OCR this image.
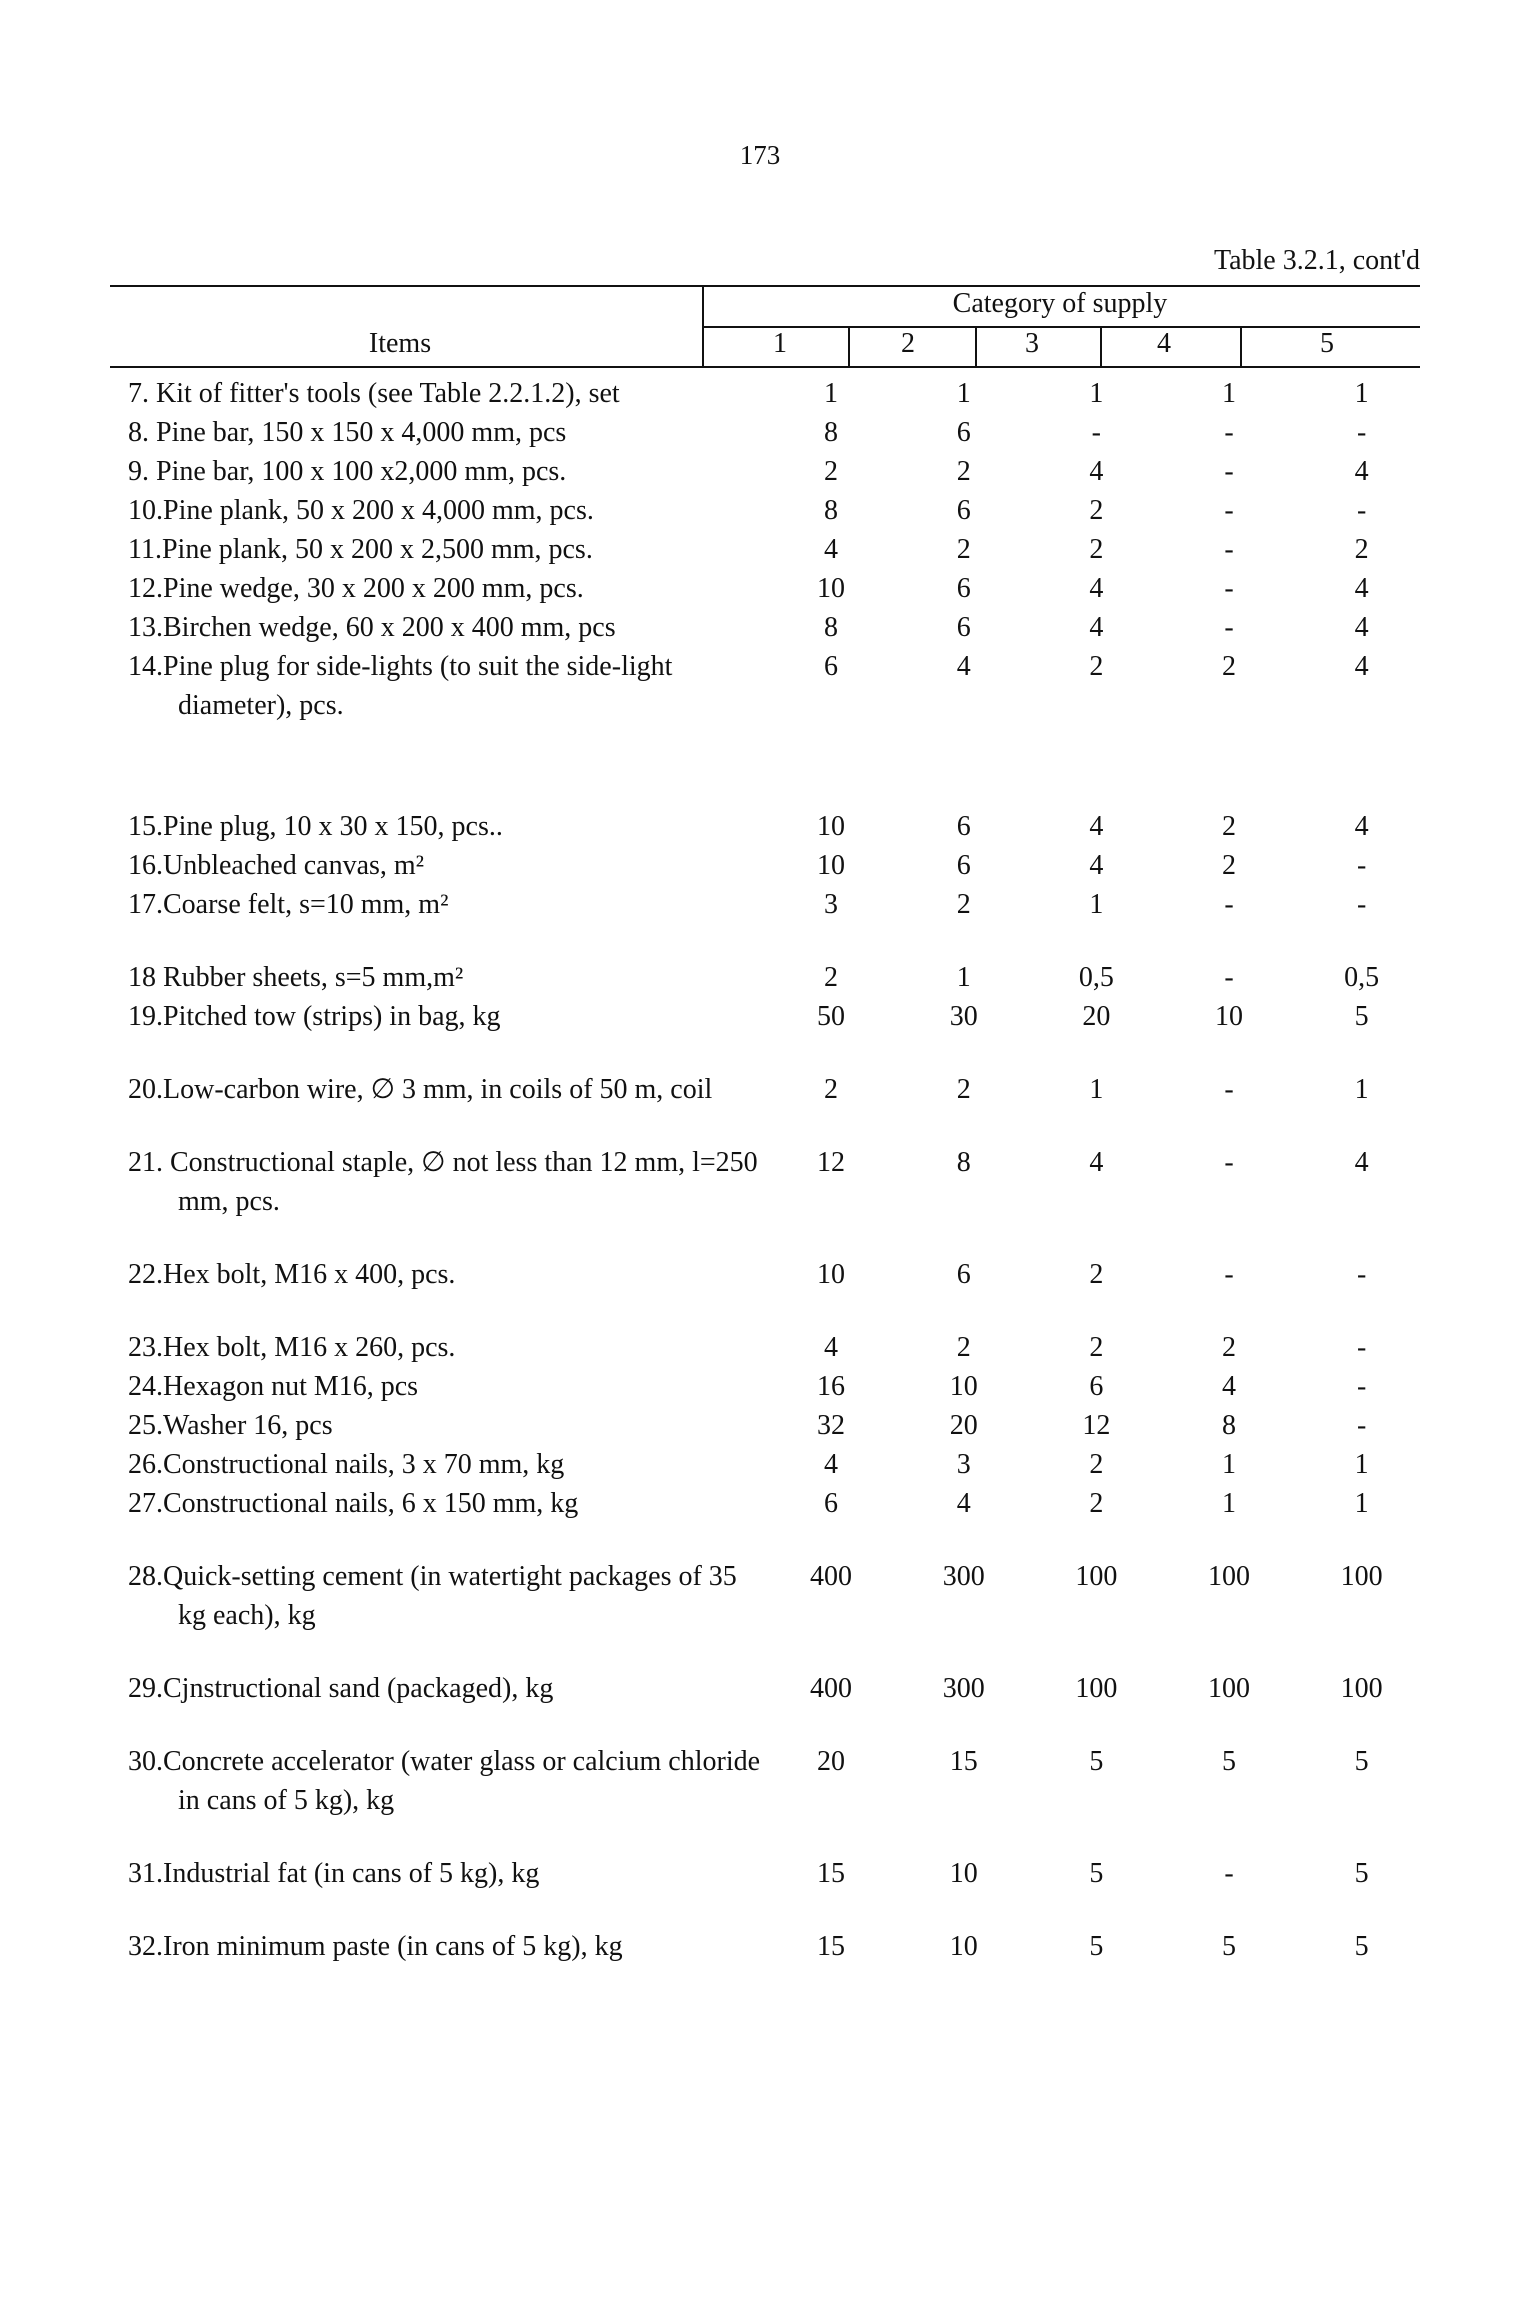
173
Table 3.2.1, cont'd
Items
Category of supply
1	2	3	4	5
7. Kit of fitter's tools (see Table 2.2.1.2), set	1	1	1	1	1

8. Pine bar, 150 x 150 x 4,000 mm, pcs	8	6	-	-	-

9. Pine bar, 100 x 100 x2,000 mm, pcs.	2	2	4	-	4

10.Pine plank, 50 x 200 x 4,000 mm, pcs.	8	6	2	-	-

11.Pine plank, 50 x 200 x 2,500 mm, pcs.	4	2	2	-	2

12.Pine wedge, 30 x 200 x 200 mm, pcs.	10	6	4	-	4

13.Birchen wedge, 60 x 200 x 400 mm, pcs	8	6	4	-	4

14.Pine plug for side-lights (to suit the side-light diameter), pcs.	6	4	2	2	4

15.Pine plug, 10 x 30 x 150, pcs..	10	6	4	2	4

16.Unbleached canvas, m²	10	6	4	2	-

17.Coarse felt, s=10 mm, m²	3	2	1	-	-

18 Rubber sheets, s=5 mm,m²	2	1	0,5	-	0,5

19.Pitched tow (strips) in bag, kg	50	30	20	10	5

20.Low-carbon wire, ∅ 3 mm, in coils of 50 m, coil	2	2	1	-	1

21. Constructional staple, ∅ not less than 12 mm, l=250 mm, pcs.	12	8	4	-	4

22.Hex bolt, M16 x 400, pcs.	10	6	2	-	-

23.Hex bolt, M16 x 260, pcs.	4	2	2	2	-

24.Hexagon nut M16, pcs	16	10	6	4	-

25.Washer 16, pcs	32	20	12	8	-

26.Constructional nails, 3 x 70 mm, kg	4	3	2	1	1

27.Constructional nails, 6 x 150 mm, kg	6	4	2	1	1

28.Quick-setting cement (in watertight packages of 35 kg each), kg	400	300	100	100	100

29.Cjnstructional sand (packaged), kg	400	300	100	100	100

30.Concrete accelerator (water glass or calcium chloride in cans of 5 kg), kg	20	15	5	5	5

31.Industrial fat (in cans of 5 kg), kg	15	10	5	-	5

32.Iron minimum paste (in cans of 5 kg), kg	15	10	5	5	5
